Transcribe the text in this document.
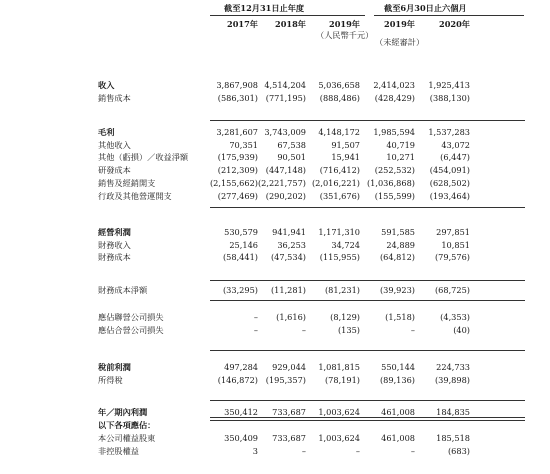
截至12月31日止年度	截至6月30日止六個月
2017年	2018年	2019年	2019年	2020年
（人民幣千元）
（未經審計）
收入	3,867,908 4,514,204	5,036,658	2,414,023	1,925,413
銷售成本	(586,301) (771,195)	(888,486)	(428,429)	(388,130)
毛利	3,281,607 3,743,009	4,148,172	1,985,594	1,537,283
其他收入	70,351	67,538	91,507	40,719	43,072
其他（虧損）／收益淨額	(175,939)	90,501	15,941	10,271	(6,447)
研發成本	(212,309) (447,148)	(716,412)	(252,532)	(454,091)
銷售及經銷開支	(2,155,662) (2,221,757) (2,016,221) (1,036,868)	(628,502)
行政及其他營運開支	(277,469) (290,202)	(351,676)	(155,599)	(193,464)
經營利潤	530,579	941,941	1,171,310	591,585	297,851
財務收入	25,146	36,253	34,724	24,889	10,851
財務成本	(58,441)	(47,534)	(115,955)	(64,812)	(79,576)
財務成本淨額	(33,295)	(11,281)	(81,231)	(39,923)	(68,725)
應佔聯營公司損失	–	(1,616)	(8,129)	(1,518)	(4,353)
應佔合營公司損失	–	–	(135)	–	(40)
稅前利潤	497,284	929,044	1,081,815	550,144	224,733
所得稅	(146,872) (195,357)	(78,191)	(89,136)	(39,898)
年／期內利潤	350,412	733,687	1,003,624	461,008	184,835
以下各項應佔：
本公司權益股東	350,409	733,687	1,003,624	461,008	185,518
非控股權益	3	–	–	–	(683)
